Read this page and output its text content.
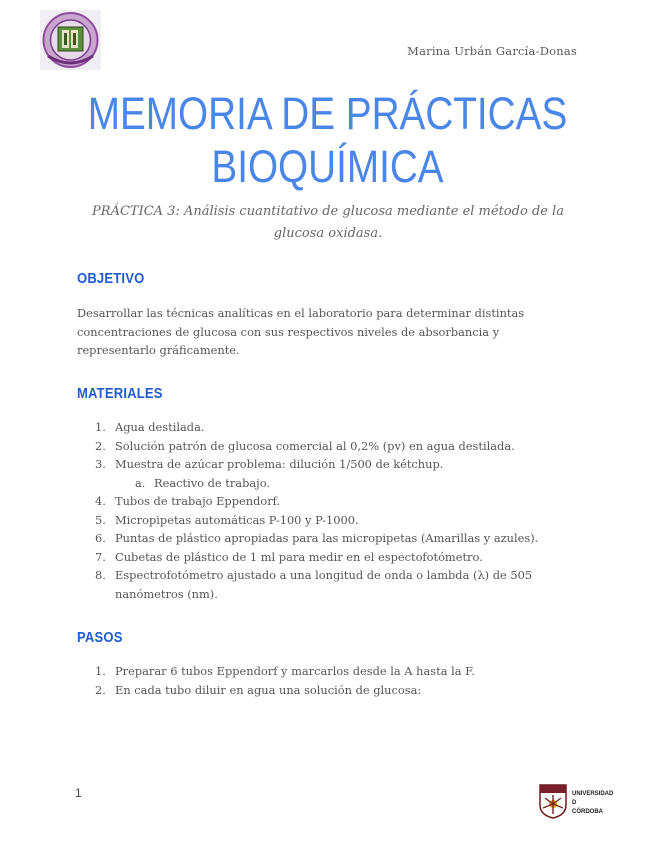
Marina Urbán García-Donas
MEMORIA DE PRÁCTICAS
BIOQUÍMICA
PRÁCTICA 3: Análisis cuantitativo de glucosa mediante el método de la glucosa oxidasa.
OBJETIVO
Desarrollar las técnicas analíticas en el laboratorio para determinar distintas concentraciones de glucosa con sus respectivos niveles de absorbancia y representarlo gráficamente.
MATERIALES
1. Agua destilada.
2. Solución patrón de glucosa comercial al 0,2% (pv) en agua destilada.
3. Muestra de azúcar problema: dilución 1/500 de kétchup.
a. Reactivo de trabajo.
4. Tubos de trabajo Eppendorf.
5. Micropipetas automáticas P-100 y P-1000.
6. Puntas de plástico apropiadas para las micropipetas (Amarillas y azules).
7. Cubetas de plástico de 1 ml para medir en el espectofotómetro.
8. Espectrofotómetro ajustado a una longitud de onda o lambda (λ) de 505 nanómetros (nm).
PASOS
1. Preparar 6 tubos Eppendorf y marcarlos desde la A hasta la F.
2. En cada tubo diluir en agua una solución de glucosa:
1	UNIVERSIDAD
D
CÓRDOBA
